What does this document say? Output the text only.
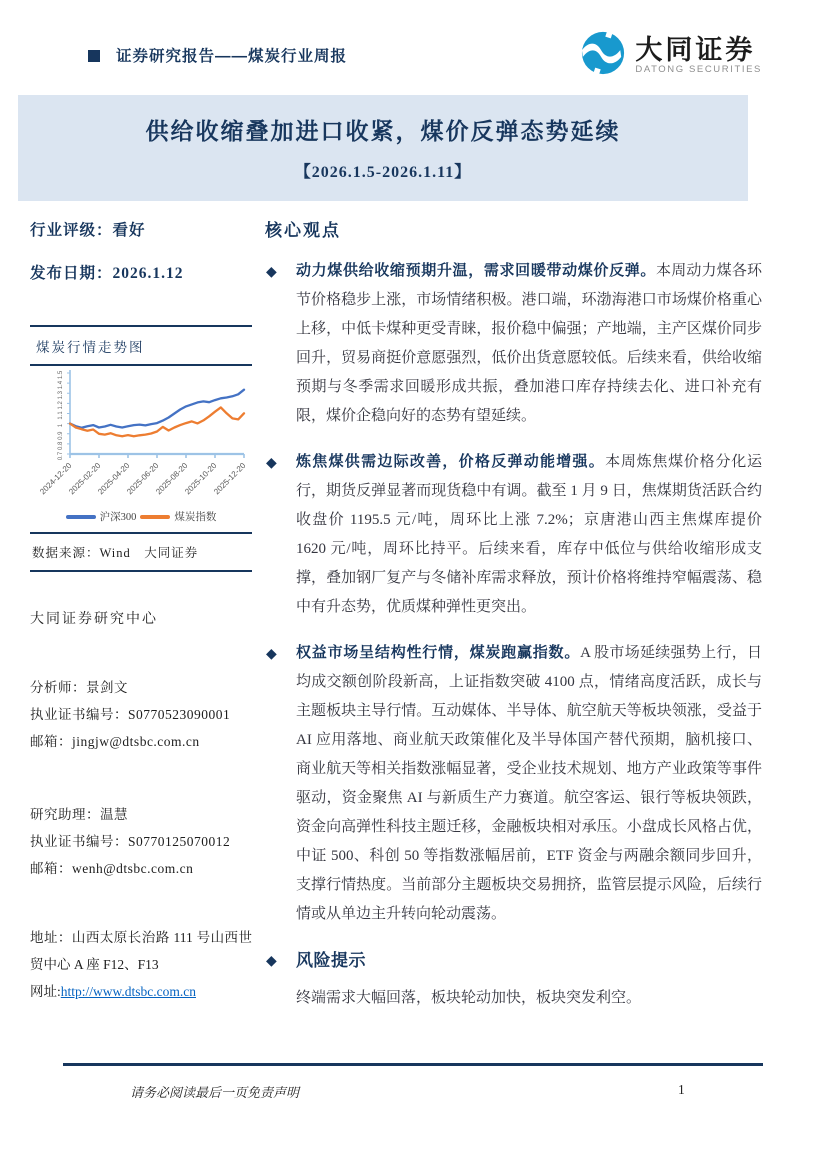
证券研究报告——煤炭行业周报	大同证券
DATONG SECURITIES
供给收缩叠加进口收紧，煤价反弹态势延续
【2026.1.5-2026.1.11】
行业评级：看好
发布日期：2026.1.12
煤炭行情走势图
1.5
1.4
1.3
1.2
1.1
1
0.9
0.8
0.7
2024-12-20
2025-02-20
2025-04-20
2025-06-20
2025-08-20
2025-10-20
2025-12-20
沪深300	煤炭指数
数据来源：Wind　大同证券
大同证券研究中心
分析师：景剑文
执业证书编号：S0770523090001
邮箱：jingjw@dtsbc.com.cn
研究助理：温慧
执业证书编号：S0770125070012
邮箱：wenh@dtsbc.com.cn
地址：山西太原长治路 111 号山西世贸中心 A 座 F12、F13
网址:http://www.dtsbc.com.cn
核心观点

◆ 动力煤供给收缩预期升温，需求回暖带动煤价反弹。本周动力煤各环节价格稳步上涨，市场情绪积极。港口端，环渤海港口市场煤价格重心上移，中低卡煤种更受青睐，报价稳中偏强；产地端，主产区煤价同步回升，贸易商挺价意愿强烈，低价出货意愿较低。后续来看，供给收缩预期与冬季需求回暖形成共振，叠加港口库存持续去化、进口补充有限，煤价企稳向好的态势有望延续。

◆ 炼焦煤供需边际改善，价格反弹动能增强。本周炼焦煤价格分化运行，期货反弹显著而现货稳中有调。截至 1 月 9 日，焦煤期货活跃合约收盘价 1195.5 元/吨，周环比上涨 7.2%；京唐港山西主焦煤库提价 1620 元/吨，周环比持平。后续来看，库存中低位与供给收缩形成支撑，叠加钢厂复产与冬储补库需求释放，预计价格将维持窄幅震荡、稳中有升态势，优质煤种弹性更突出。

◆ 权益市场呈结构性行情，煤炭跑赢指数。A 股市场延续强势上行，日均成交额创阶段新高，上证指数突破 4100 点，情绪高度活跃，成长与主题板块主导行情。互动媒体、半导体、航空航天等板块领涨，受益于 AI 应用落地、商业航天政策催化及半导体国产替代预期，脑机接口、商业航天等相关指数涨幅显著，受企业技术规划、地方产业政策等事件驱动，资金聚焦 AI 与新质生产力赛道。航空客运、银行等板块领跌，资金向高弹性科技主题迁移，金融板块相对承压。小盘成长风格占优，中证 500、科创 50 等指数涨幅居前，ETF 资金与两融余额同步回升，支撑行情热度。当前部分主题板块交易拥挤，监管层提示风险，后续行情或从单边主升转向轮动震荡。

◆ 风险提示

终端需求大幅回落，板块轮动加快，板块突发利空。
请务必阅读最后一页免责声明	1
